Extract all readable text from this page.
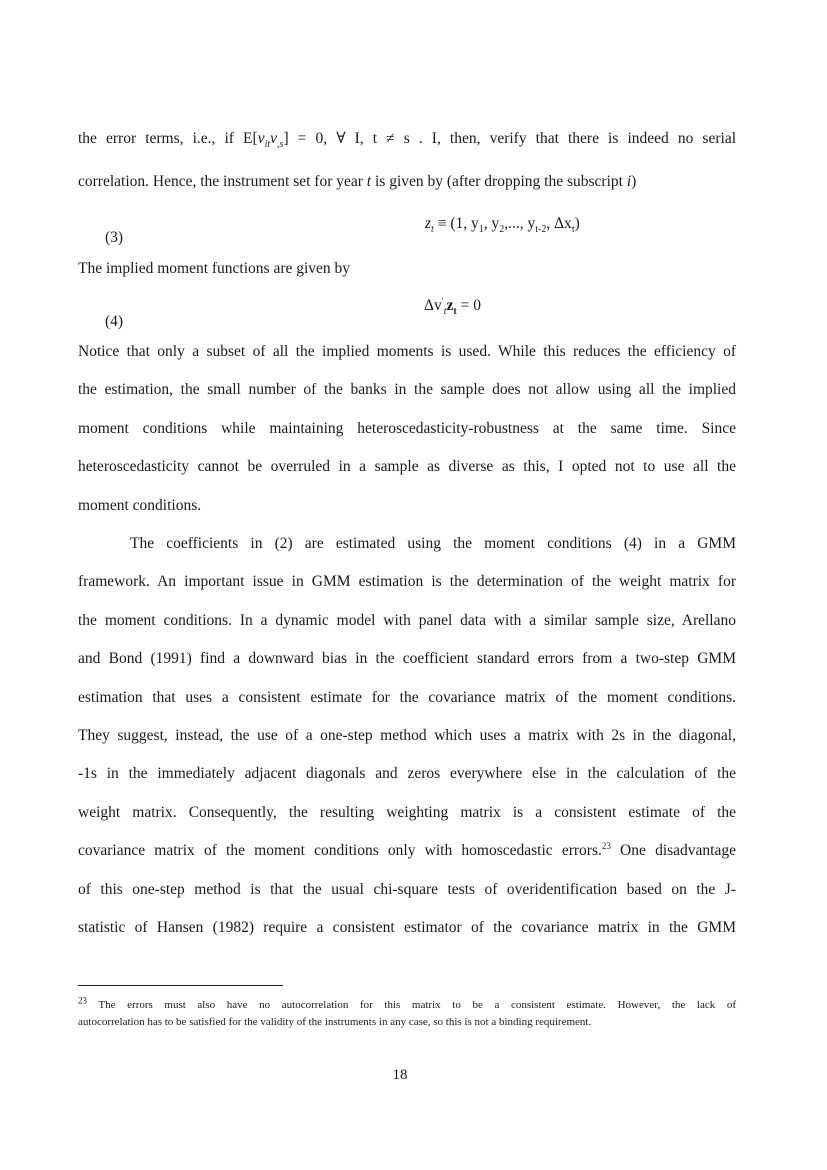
the error terms, i.e., if $E[v_{it}v_{,s}] = 0$, ∀ I, t ≠ s . I, then, verify that there is indeed no serial
correlation. Hence, the instrument set for year t is given by (after dropping the subscript i)
$z_t \equiv (1$, $y_1$, $y_2$,..., $y_{t-2}$, $\Delta x_t$)
(3)
The implied moment functions are given by
$\Delta v'_tz_t = 0$
(4)
Notice that only a subset of all the implied moments is used. While this reduces the efficiency of
the estimation, the small number of the banks in the sample does not allow using all the implied
moment conditions while maintaining heteroscedasticity-robustness at the same time. Since
heteroscedasticity cannot be overruled in a sample as diverse as this, I opted not to use all the
moment conditions.
The coefficients in (2) are estimated using the moment conditions (4) in a GMM
framework. An important issue in GMM estimation is the determination of the weight matrix for
the moment conditions. In a dynamic model with panel data with a similar sample size, Arellano
and Bond (1991) find a downward bias in the coefficient standard errors from a two-step GMM
estimation that uses a consistent estimate for the covariance matrix of the moment conditions.
They suggest, instead, the use of a one-step method which uses a matrix with 2s in the diagonal,
-1s in the immediately adjacent diagonals and zeros everywhere else in the calculation of the
weight matrix. Consequently, the resulting weighting matrix is a consistent estimate of the
covariance matrix of the moment conditions only with homoscedastic errors.$^{23}$ One disadvantage
of this one-step method is that the usual chi-square tests of overidentification based on the J-
statistic of Hansen (1982) require a consistent estimator of the covariance matrix in the GMM
$^{23}$ The errors must also have no autocorrelation for this matrix to be a consistent estimate. However, the lack of
autocorrelation has to be satisfied for the validity of the instruments in any case, so this is not a binding requirement.
18
